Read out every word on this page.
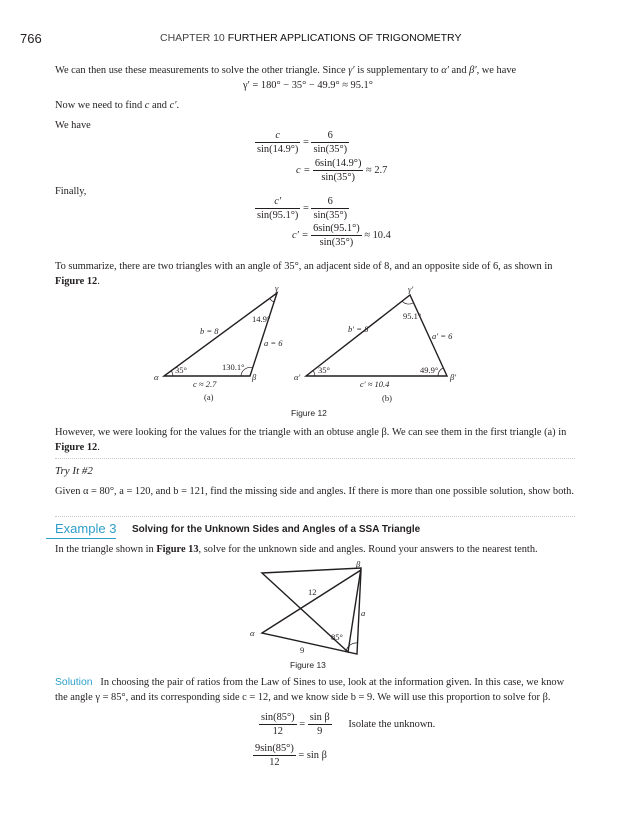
766	CHAPTER 10 FURTHER APPLICATIONS OF TRIGONOMETRY
We can then use these measurements to solve the other triangle. Since γ′ is supplementary to α′ and β′, we have
γ′ = 180° − 35° − 49.9° ≈ 95.1°
Now we need to find c and c′.
We have
$\frac{c}{\sin(14.9^\circ)} = \frac{6}{\sin(35^\circ)}$
$c = \frac{6\sin(14.9^\circ)}{\sin(35^\circ)} \approx 2.7$
Finally,
$\frac{c'}{\sin(95.1^\circ)} = \frac{6}{\sin(35^\circ)}$
$c' = \frac{6\sin(95.1^\circ)}{\sin(35^\circ)} \approx 10.4$
To summarize, there are two triangles with an angle of 35°, an adjacent side of 8, and an opposite side of 6, as shown in Figure 12.
α	β
γ
b = 8
a = 6
c ≈ 2.7
35°	130.1°
14.9°
(a)
α′	β′
γ′
b′ = 8
a′ = 6
c′ ≈ 10.4
35°	49.9°
95.1°
(b)
Figure 12
However, we were looking for the values for the triangle with an obtuse angle β. We can see them in the first triangle (a) in Figure 12.
Try It #2
Given α = 80°, a = 120, and b = 121, find the missing side and angles. If there is more than one possible solution, show both.
Example 3 Solving for the Unknown Sides and Angles of a SSA Triangle
In the triangle shown in Figure 13, solve for the unknown side and angles. Round your answers to the nearest tenth.
α
β
12
9
a
85°
Figure 13
Solution In choosing the pair of ratios from the Law of Sines to use, look at the information given. In this case, we know the angle γ = 85°, and its corresponding side c = 12, and we know side b = 9. We will use this proportion to solve for β.
$\frac{\sin(85^\circ)}{12} = \frac{\text{sin β}}{9}$ Isolate the unknown.
$\frac{9\sin(85^\circ)}{12} = \sin \beta$
